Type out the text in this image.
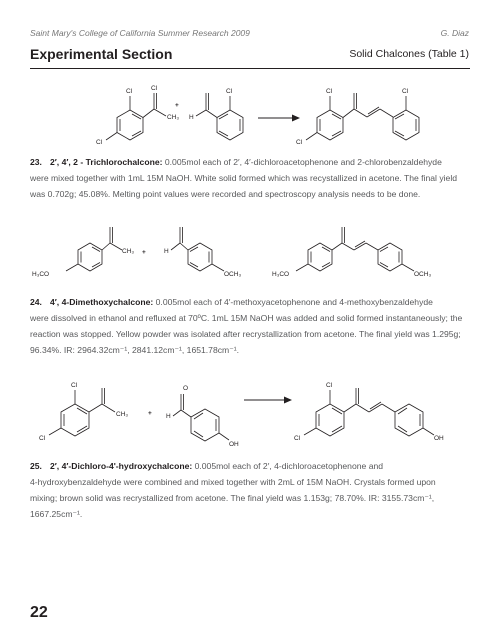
Saint Mary's College of California Summer Research 2009	G. Diaz
Experimental Section	Solid Chalcones (Table 1)
+
Cl	Cl
CH₃
Cl
H
Cl	Cl
Cl
Cl
23. 2′, 4′, 2 - Trichlorochalcone: 0.005mol each of 2′, 4′-dichloroacetophenone and 2-chlorobenzaldehyde
were mixed together with 1mL 15M NaOH. White solid formed which was recystallized in acetone. The final yield
was 0.702g; 45.08%. Melting point values were recorded and spectroscopy analysis needs to be done.
+
CH₃	H
H₃CO	OCH₃	H₃CO	OCH₃
24. 4′, 4-Dimethoxychalcone: 0.005mol each of 4′-methoxyacetophenone and 4-methoxybenzaldehyde
were dissolved in ethanol and refluxed at 70ºC. 1mL 15M NaOH was added and solid formed instantaneously; the
reaction was stopped. Yellow powder was isolated after recrystallization from acetone. The final yield was 1.295g;
96.34%. IR: 2964.32cm⁻¹, 2841.12cm⁻¹, 1651.78cm⁻¹.
+
Cl
CH₃
Cl
H
OH
Cl
Cl	OH
O
25. 2′, 4′-Dichloro-4'-hydroxychalcone: 0.005mol each of 2′, 4-dichloroacetophenone and
4-hydroxybenzaldehyde were combined and mixed together with 2mL of 15M NaOH. Crystals formed upon
mixing; brown solid was recrystallized from acetone. The final yield was 1.153g; 78.70%. IR: 3155.73cm⁻¹,
1667.25cm⁻¹.
22
